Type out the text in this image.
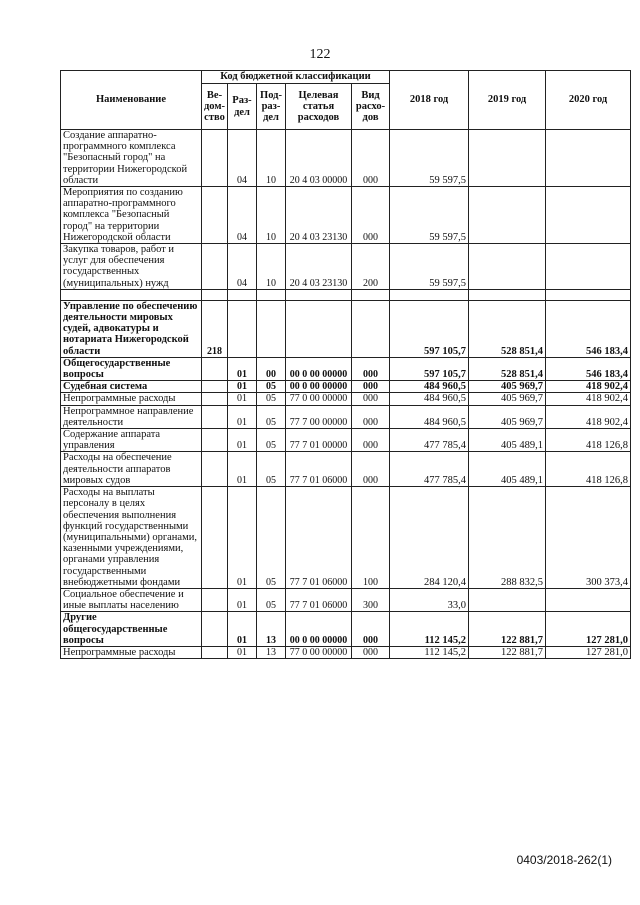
122
Наименование	Код бюджетной классификации					2018 год	2019 год	2020 год
	Ве-дом-ство	Раз-дел	Под-раз-дел	Целевая статья расходов	Вид расхо-дов			
Создание аппаратно-программного комплекса "Безопасный город" на территории Нижегородской области		04	10	20 4 03 00000	000	59 597,5		
Мероприятия по созданию аппаратно-программного комплекса "Безопасный город" на территории Нижегородской области		04	10	20 4 03 23130	000	59 597,5		
Закупка товаров, работ и услуг для обеспечения государственных (муниципальных) нужд		04	10	20 4 03 23130	200	59 597,5		

Управление по обеспечению деятельности мировых судей, адвокатуры и нотариата Нижегородской области	218					597 105,7	528 851,4	546 183,4
Общегосударственные вопросы		01	00	00 0 00 00000	000	597 105,7	528 851,4	546 183,4
Судебная система		01	05	00 0 00 00000	000	484 960,5	405 969,7	418 902,4
Непрограммные расходы		01	05	77 0 00 00000	000	484 960,5	405 969,7	418 902,4
Непрограммное направление деятельности		01	05	77 7 00 00000	000	484 960,5	405 969,7	418 902,4
Содержание аппарата управления		01	05	77 7 01 00000	000	477 785,4	405 489,1	418 126,8
Расходы на обеспечение деятельности аппаратов мировых судов		01	05	77 7 01 06000	000	477 785,4	405 489,1	418 126,8
Расходы на выплаты персоналу в целях обеспечения выполнения функций государственными (муниципальными) органами, казенными учреждениями, органами управления государственными внебюджетными фондами		01	05	77 7 01 06000	100	284 120,4	288 832,5	300 373,4
Социальное обеспечение и иные выплаты населению		01	05	77 7 01 06000	300	33,0		
Другие общегосударственные вопросы		01	13	00 0 00 00000	000	112 145,2	122 881,7	127 281,0
Непрограммные расходы		01	13	77 0 00 00000	000	112 145,2	122 881,7	127 281,0
0403/2018-262(1)
